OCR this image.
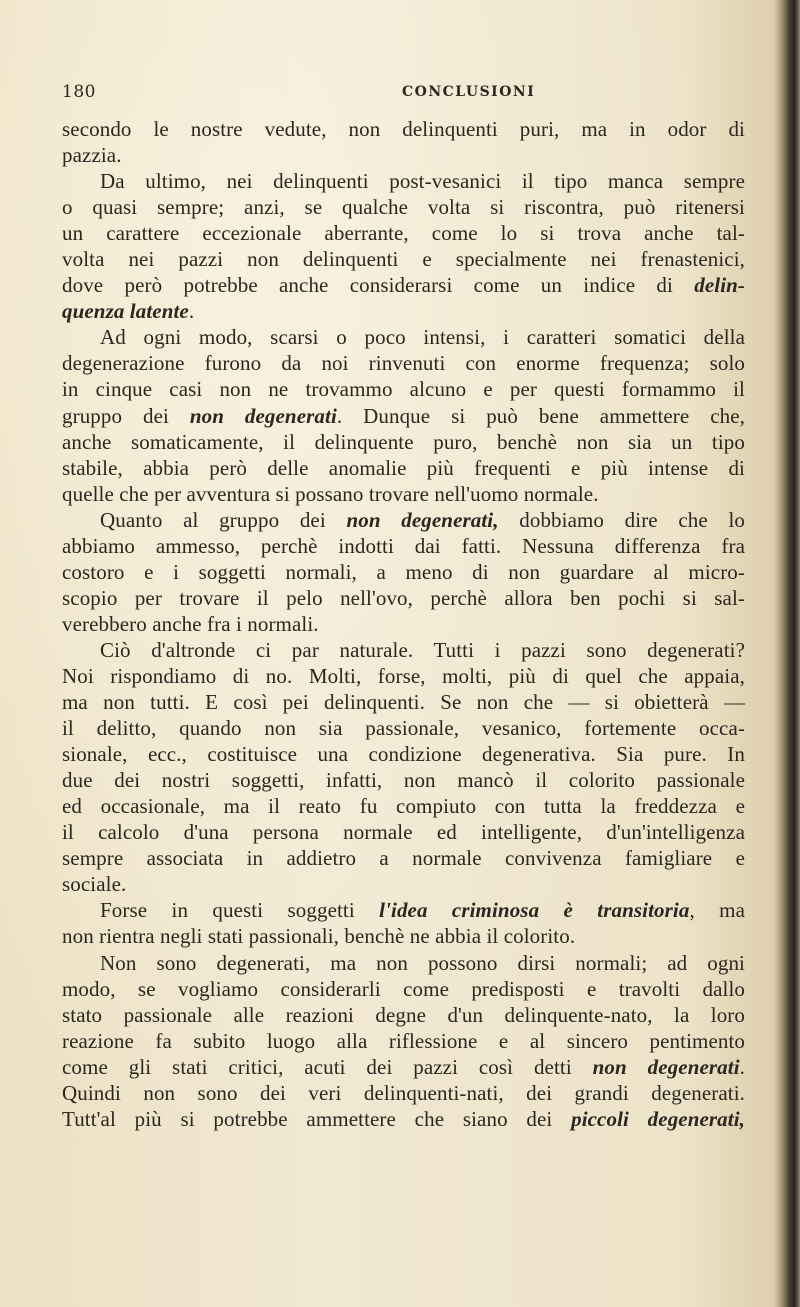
180	CONCLUSIONI
secondo le nostre vedute, non delinquenti puri, ma in odor di
pazzia.
Da ultimo, nei delinquenti post-vesanici il tipo manca sempre
o quasi sempre; anzi, se qualche volta si riscontra, può ritenersi
un carattere eccezionale aberrante, come lo si trova anche tal-
volta nei pazzi non delinquenti e specialmente nei frenastenici,
dove però potrebbe anche considerarsi come un indice di delin-
quenza latente.
Ad ogni modo, scarsi o poco intensi, i caratteri somatici della
degenerazione furono da noi rinvenuti con enorme frequenza; solo
in cinque casi non ne trovammo alcuno e per questi formammo il
gruppo dei non degenerati. Dunque si può bene ammettere che,
anche somaticamente, il delinquente puro, benchè non sia un tipo
stabile, abbia però delle anomalie più frequenti e più intense di
quelle che per avventura si possano trovare nell'uomo normale.
Quanto al gruppo dei non degenerati, dobbiamo dire che lo
abbiamo ammesso, perchè indotti dai fatti. Nessuna differenza fra
costoro e i soggetti normali, a meno di non guardare al micro-
scopio per trovare il pelo nell'ovo, perchè allora ben pochi si sal-
verebbero anche fra i normali.
Ciò d'altronde ci par naturale. Tutti i pazzi sono degenerati?
Noi rispondiamo di no. Molti, forse, molti, più di quel che appaia,
ma non tutti. E così pei delinquenti. Se non che — si obietterà —
il delitto, quando non sia passionale, vesanico, fortemente occa-
sionale, ecc., costituisce una condizione degenerativa. Sia pure. In
due dei nostri soggetti, infatti, non mancò il colorito passionale
ed occasionale, ma il reato fu compiuto con tutta la freddezza e
il calcolo d'una persona normale ed intelligente, d'un'intelligenza
sempre associata in addietro a normale convivenza famigliare e
sociale.
Forse in questi soggetti l'idea criminosa è transitoria, ma
non rientra negli stati passionali, benchè ne abbia il colorito.
Non sono degenerati, ma non possono dirsi normali; ad ogni
modo, se vogliamo considerarli come predisposti e travolti dallo
stato passionale alle reazioni degne d'un delinquente-nato, la loro
reazione fa subito luogo alla riflessione e al sincero pentimento
come gli stati critici, acuti dei pazzi così detti non degenerati.
Quindi non sono dei veri delinquenti-nati, dei grandi degenerati.
Tutt'al più si potrebbe ammettere che siano dei piccoli degenerati,
